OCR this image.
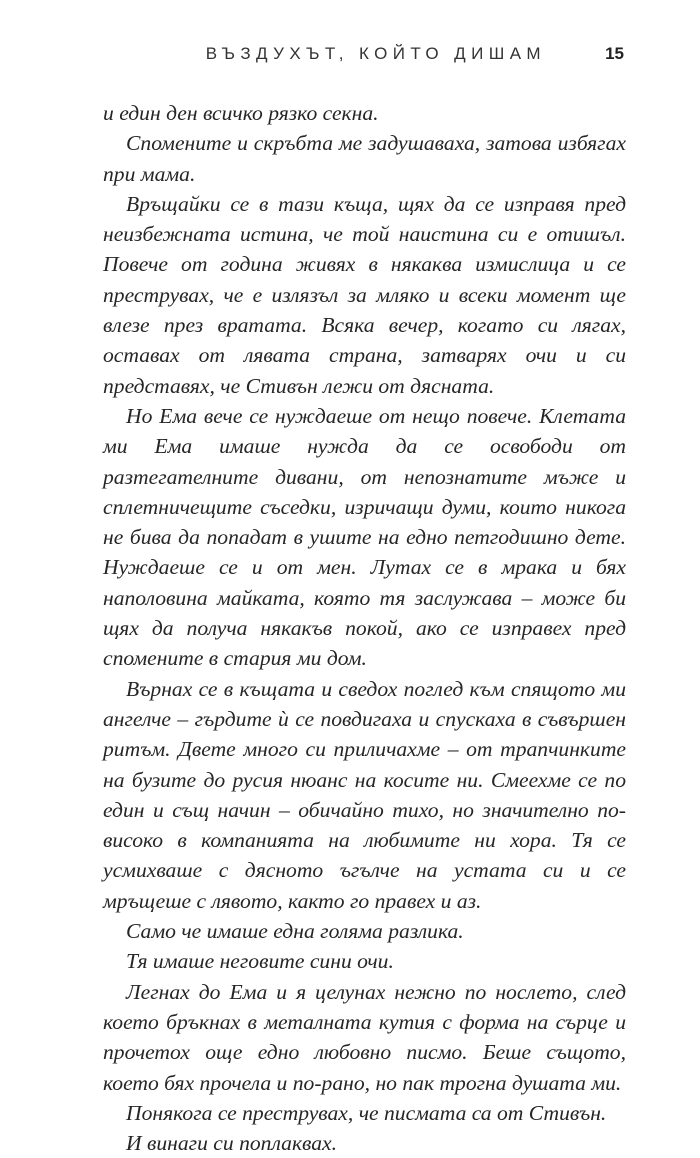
ВЪЗДУХЪТ, КОЙТО ДИШАМ	15

и един ден всичко рязко секна.

Спомените и скръбта ме задушаваха, затова избягах при мама.

Връщайки се в тази къща, щях да се изправя пред неизбежната истина, че той наистина си е отишъл. Повече от година живях в някаква измислица и се преструвах, че е излязъл за мляко и всеки момент ще влезе през вратата. Всяка вечер, когато си лягах, оставах от лявата страна, затварях очи и си представях, че Стивън лежи от дясната.

Но Ема вече се нуждаеше от нещо повече. Клетата ми Ема имаше нужда да се освободи от разтегателните дивани, от непознатите мъже и сплетничещите съседки, изричащи думи, които никога не бива да попадат в ушите на едно петгодишно дете. Нуждаеше се и от мен. Лутах се в мрака и бях наполовина майката, която тя заслужава – може би щях да получа някакъв покой, ако се изправех пред спомените в стария ми дом.

Върнах се в къщата и сведох поглед към спящото ми ангелче – гърдите ѝ се повдигаха и спускаха в съвършен ритъм. Двете много си приличахме – от трапчинките на бузите до русия нюанс на косите ни. Смеехме се по един и същ начин – обичайно тихо, но значително по-високо в компанията на любимите ни хора. Тя се усмихваше с дясното ъгълче на устата си и се мръщеше с лявото, както го правех и аз.

Само че имаше една голяма разлика.

Тя имаше неговите сини очи.

Легнах до Ема и я целунах нежно по нослето, след което бръкнах в металната кутия с форма на сърце и прочетох още едно любовно писмо. Беше същото, което бях прочела и по-рано, но пак трогна душата ми.

Понякога се преструвах, че писмата са от Стивън.

И винаги си поплаквах.
